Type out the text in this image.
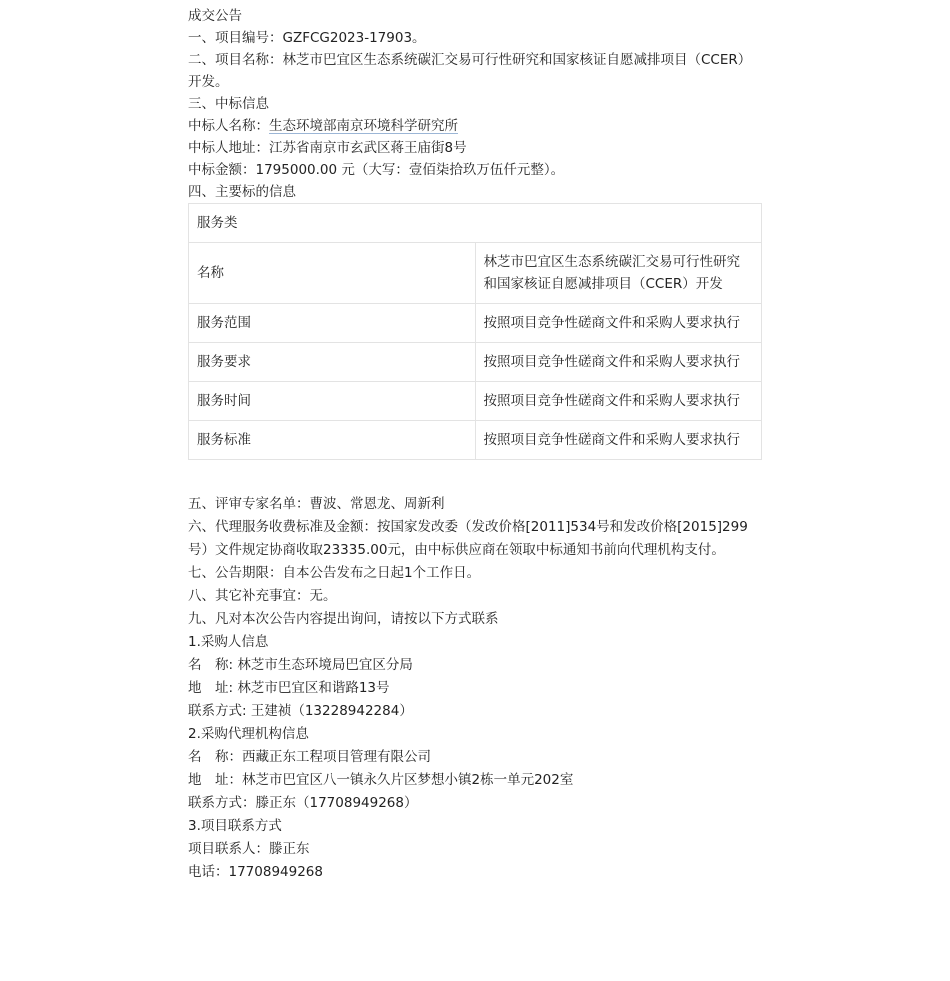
成交公告
一、项目编号：GZFCG2023-17903。
二、项目名称：林芝市巴宜区生态系统碳汇交易可行性研究和国家核证自愿减排项目（CCER）开发。
三、中标信息
中标人名称：生态环境部南京环境科学研究所
中标人地址：江苏省南京市玄武区蒋王庙街8号
中标金额：1795000.00 元（大写：壹佰柒拾玖万伍仟元整）。
四、主要标的信息
服务类	
名称	林芝市巴宜区生态系统碳汇交易可行性研究和国家核证自愿减排项目（CCER）开发
服务范围	按照项目竞争性磋商文件和采购人要求执行
服务要求	按照项目竞争性磋商文件和采购人要求执行
服务时间	按照项目竞争性磋商文件和采购人要求执行
服务标准	按照项目竞争性磋商文件和采购人要求执行
五、评审专家名单：曹波、常恩龙、周新利
六、代理服务收费标准及金额：按国家发改委（发改价格[2011]534号和发改价格[2015]299号）文件规定协商收取23335.00元，由中标供应商在领取中标通知书前向代理机构支付。
七、公告期限：自本公告发布之日起1个工作日。
八、其它补充事宜：无。
九、凡对本次公告内容提出询问，请按以下方式联系
1.采购人信息
名　称: 林芝市生态环境局巴宜区分局
地　址: 林芝市巴宜区和谐路13号
联系方式: 王建祯（13228942284）
2.采购代理机构信息
名　称：西藏正东工程项目管理有限公司
地　址：林芝市巴宜区八一镇永久片区梦想小镇2栋一单元202室
联系方式：滕正东（17708949268）
3.项目联系方式
项目联系人：滕正东
电话：17708949268
